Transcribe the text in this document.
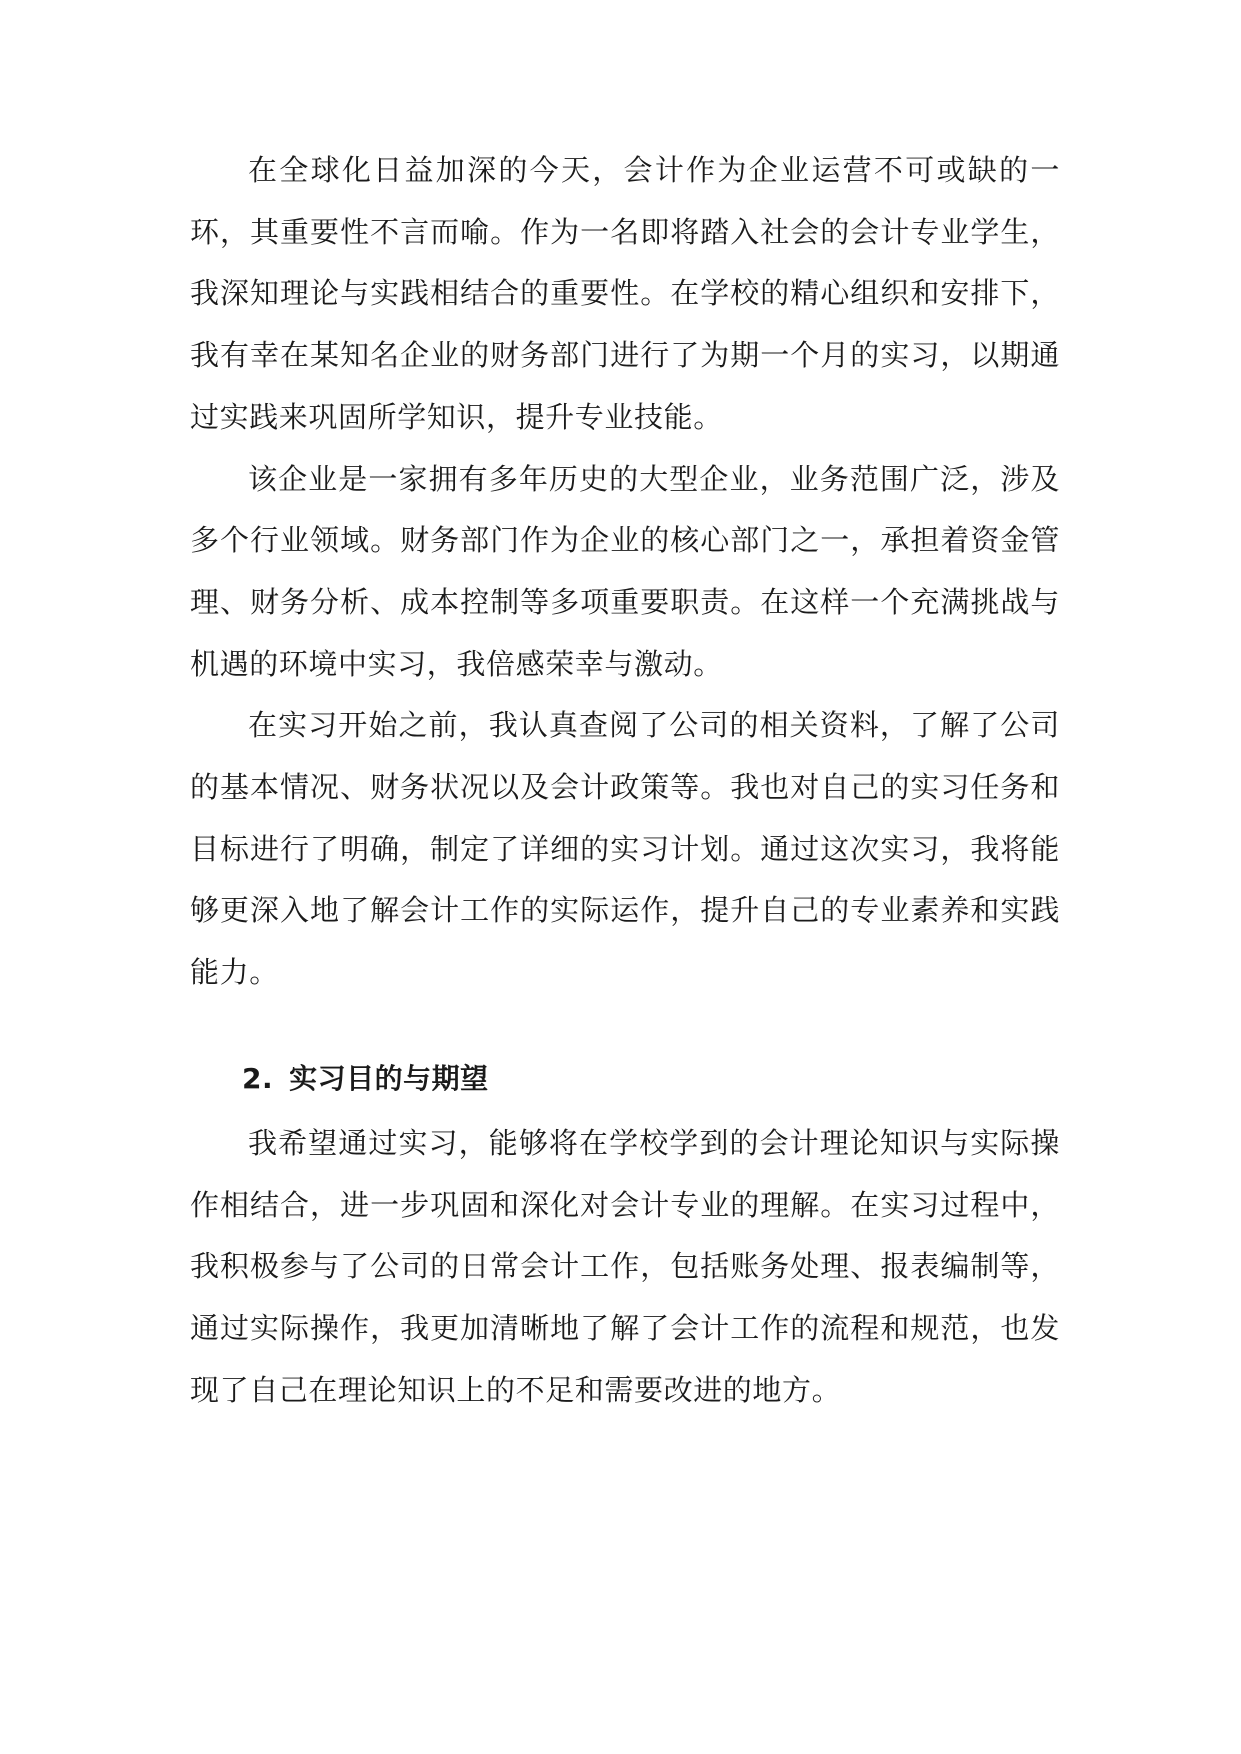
在全球化日益加深的今天，会计作为企业运营不可或缺的一环，其重要性不言而喻。作为一名即将踏入社会的会计专业学生，我深知理论与实践相结合的重要性。在学校的精心组织和安排下，我有幸在某知名企业的财务部门进行了为期一个月的实习，以期通过实践来巩固所学知识，提升专业技能。

该企业是一家拥有多年历史的大型企业，业务范围广泛，涉及多个行业领域。财务部门作为企业的核心部门之一，承担着资金管理、财务分析、成本控制等多项重要职责。在这样一个充满挑战与机遇的环境中实习，我倍感荣幸与激动。

在实习开始之前，我认真查阅了公司的相关资料，了解了公司的基本情况、财务状况以及会计政策等。我也对自己的实习任务和目标进行了明确，制定了详细的实习计划。通过这次实习，我将能够更深入地了解会计工作的实际运作，提升自己的专业素养和实践能力。

2. 实习目的与期望

我希望通过实习，能够将在学校学到的会计理论知识与实际操作相结合，进一步巩固和深化对会计专业的理解。在实习过程中，我积极参与了公司的日常会计工作，包括账务处理、报表编制等，通过实际操作，我更加清晰地了解了会计工作的流程和规范，也发现了自己在理论知识上的不足和需要改进的地方。
